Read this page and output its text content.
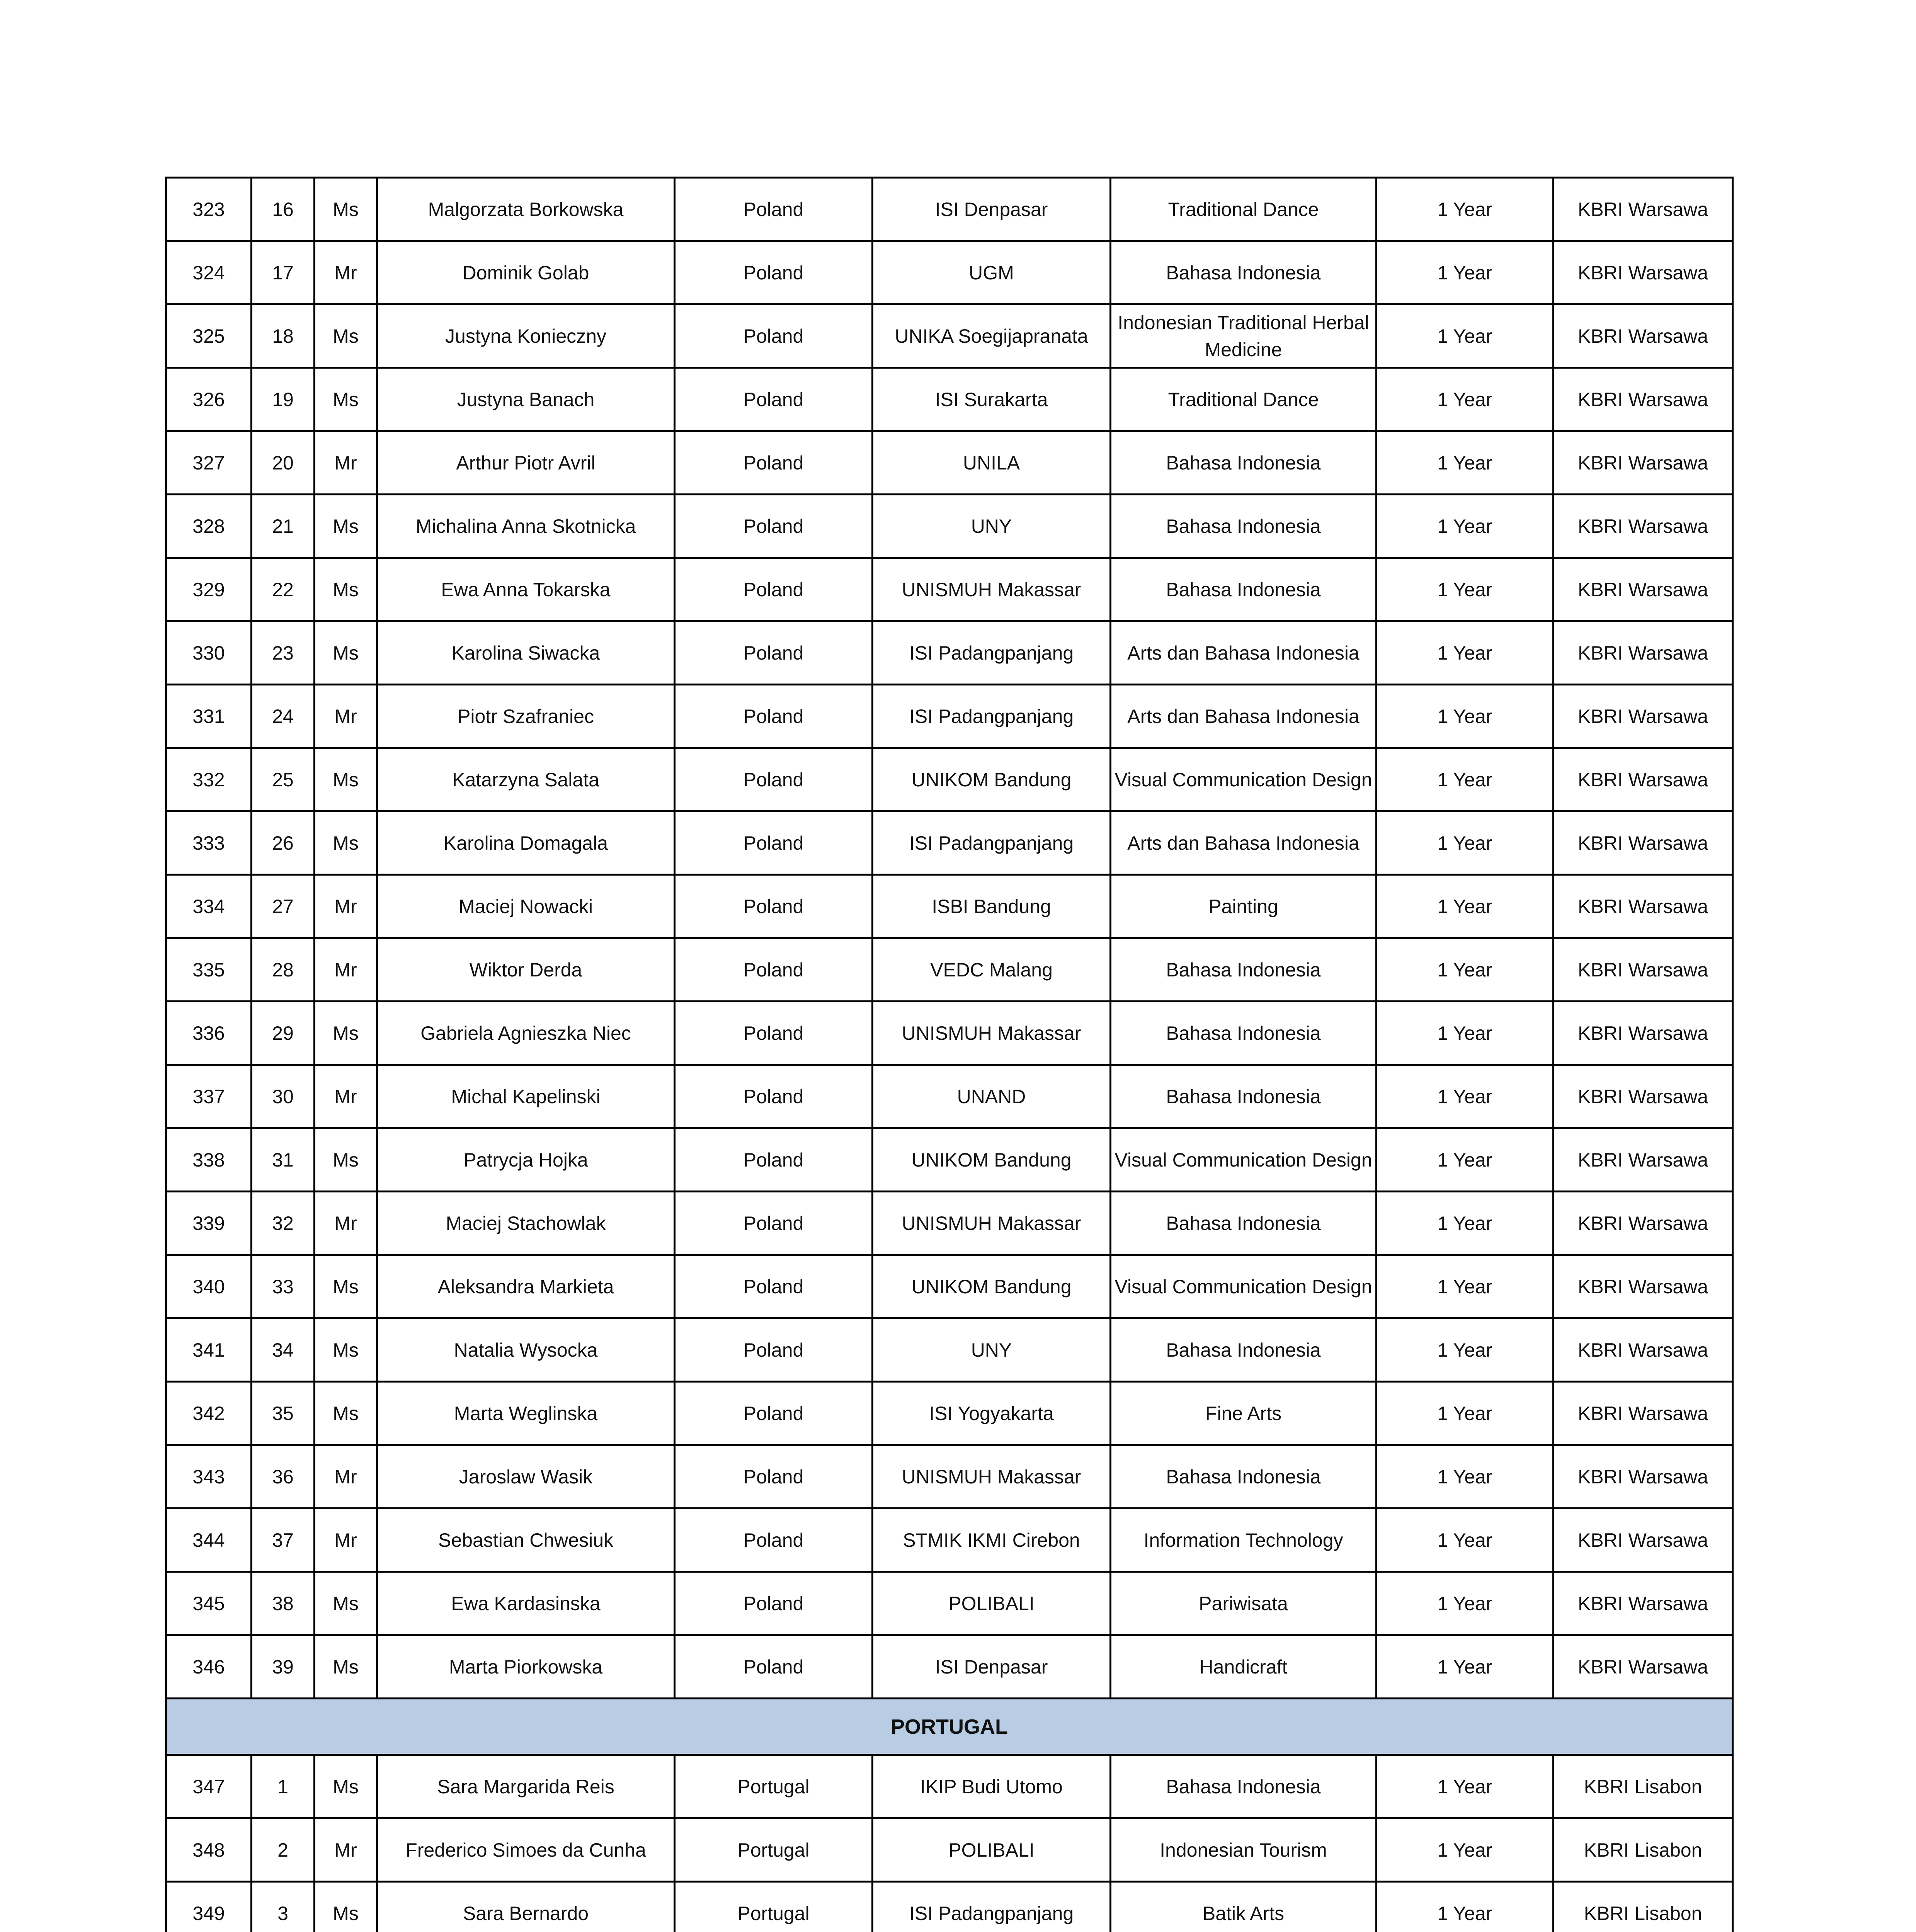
323	16	Ms	Malgorzata Borkowska	Poland	ISI Denpasar	Traditional Dance	1 Year	KBRI Warsawa
324	17	Mr	Dominik Golab	Poland	UGM	Bahasa Indonesia	1 Year	KBRI Warsawa
325	18	Ms	Justyna Konieczny	Poland	UNIKA Soegijapranata	Indonesian Traditional Herbal Medicine	1 Year	KBRI Warsawa
326	19	Ms	Justyna Banach	Poland	ISI Surakarta	Traditional Dance	1 Year	KBRI Warsawa
327	20	Mr	Arthur Piotr Avril	Poland	UNILA	Bahasa Indonesia	1 Year	KBRI Warsawa
328	21	Ms	Michalina Anna Skotnicka	Poland	UNY	Bahasa Indonesia	1 Year	KBRI Warsawa
329	22	Ms	Ewa Anna Tokarska	Poland	UNISMUH Makassar	Bahasa Indonesia	1 Year	KBRI Warsawa
330	23	Ms	Karolina Siwacka	Poland	ISI Padangpanjang	Arts dan Bahasa Indonesia	1 Year	KBRI Warsawa
331	24	Mr	Piotr Szafraniec	Poland	ISI Padangpanjang	Arts dan Bahasa Indonesia	1 Year	KBRI Warsawa
332	25	Ms	Katarzyna Salata	Poland	UNIKOM Bandung	Visual Communication Design	1 Year	KBRI Warsawa
333	26	Ms	Karolina Domagala	Poland	ISI Padangpanjang	Arts dan Bahasa Indonesia	1 Year	KBRI Warsawa
334	27	Mr	Maciej Nowacki	Poland	ISBI Bandung	Painting	1 Year	KBRI Warsawa
335	28	Mr	Wiktor Derda	Poland	VEDC Malang	Bahasa Indonesia	1 Year	KBRI Warsawa
336	29	Ms	Gabriela Agnieszka Niec	Poland	UNISMUH Makassar	Bahasa Indonesia	1 Year	KBRI Warsawa
337	30	Mr	Michal Kapelinski	Poland	UNAND	Bahasa Indonesia	1 Year	KBRI Warsawa
338	31	Ms	Patrycja Hojka	Poland	UNIKOM Bandung	Visual Communication Design	1 Year	KBRI Warsawa
339	32	Mr	Maciej Stachowlak	Poland	UNISMUH Makassar	Bahasa Indonesia	1 Year	KBRI Warsawa
340	33	Ms	Aleksandra Markieta	Poland	UNIKOM Bandung	Visual Communication Design	1 Year	KBRI Warsawa
341	34	Ms	Natalia Wysocka	Poland	UNY	Bahasa Indonesia	1 Year	KBRI Warsawa
342	35	Ms	Marta Weglinska	Poland	ISI Yogyakarta	Fine Arts	1 Year	KBRI Warsawa
343	36	Mr	Jaroslaw Wasik	Poland	UNISMUH Makassar	Bahasa Indonesia	1 Year	KBRI Warsawa
344	37	Mr	Sebastian Chwesiuk	Poland	STMIK IKMI Cirebon	Information Technology	1 Year	KBRI Warsawa
345	38	Ms	Ewa Kardasinska	Poland	POLIBALI	Pariwisata	1 Year	KBRI Warsawa
346	39	Ms	Marta Piorkowska	Poland	ISI Denpasar	Handicraft	1 Year	KBRI Warsawa
PORTUGAL								
347	1	Ms	Sara Margarida Reis	Portugal	IKIP Budi Utomo	Bahasa Indonesia	1 Year	KBRI Lisabon
348	2	Mr	Frederico Simoes da Cunha	Portugal	POLIBALI	Indonesian Tourism	1 Year	KBRI Lisabon
349	3	Ms	Sara Bernardo	Portugal	ISI Padangpanjang	Batik Arts	1 Year	KBRI Lisabon
